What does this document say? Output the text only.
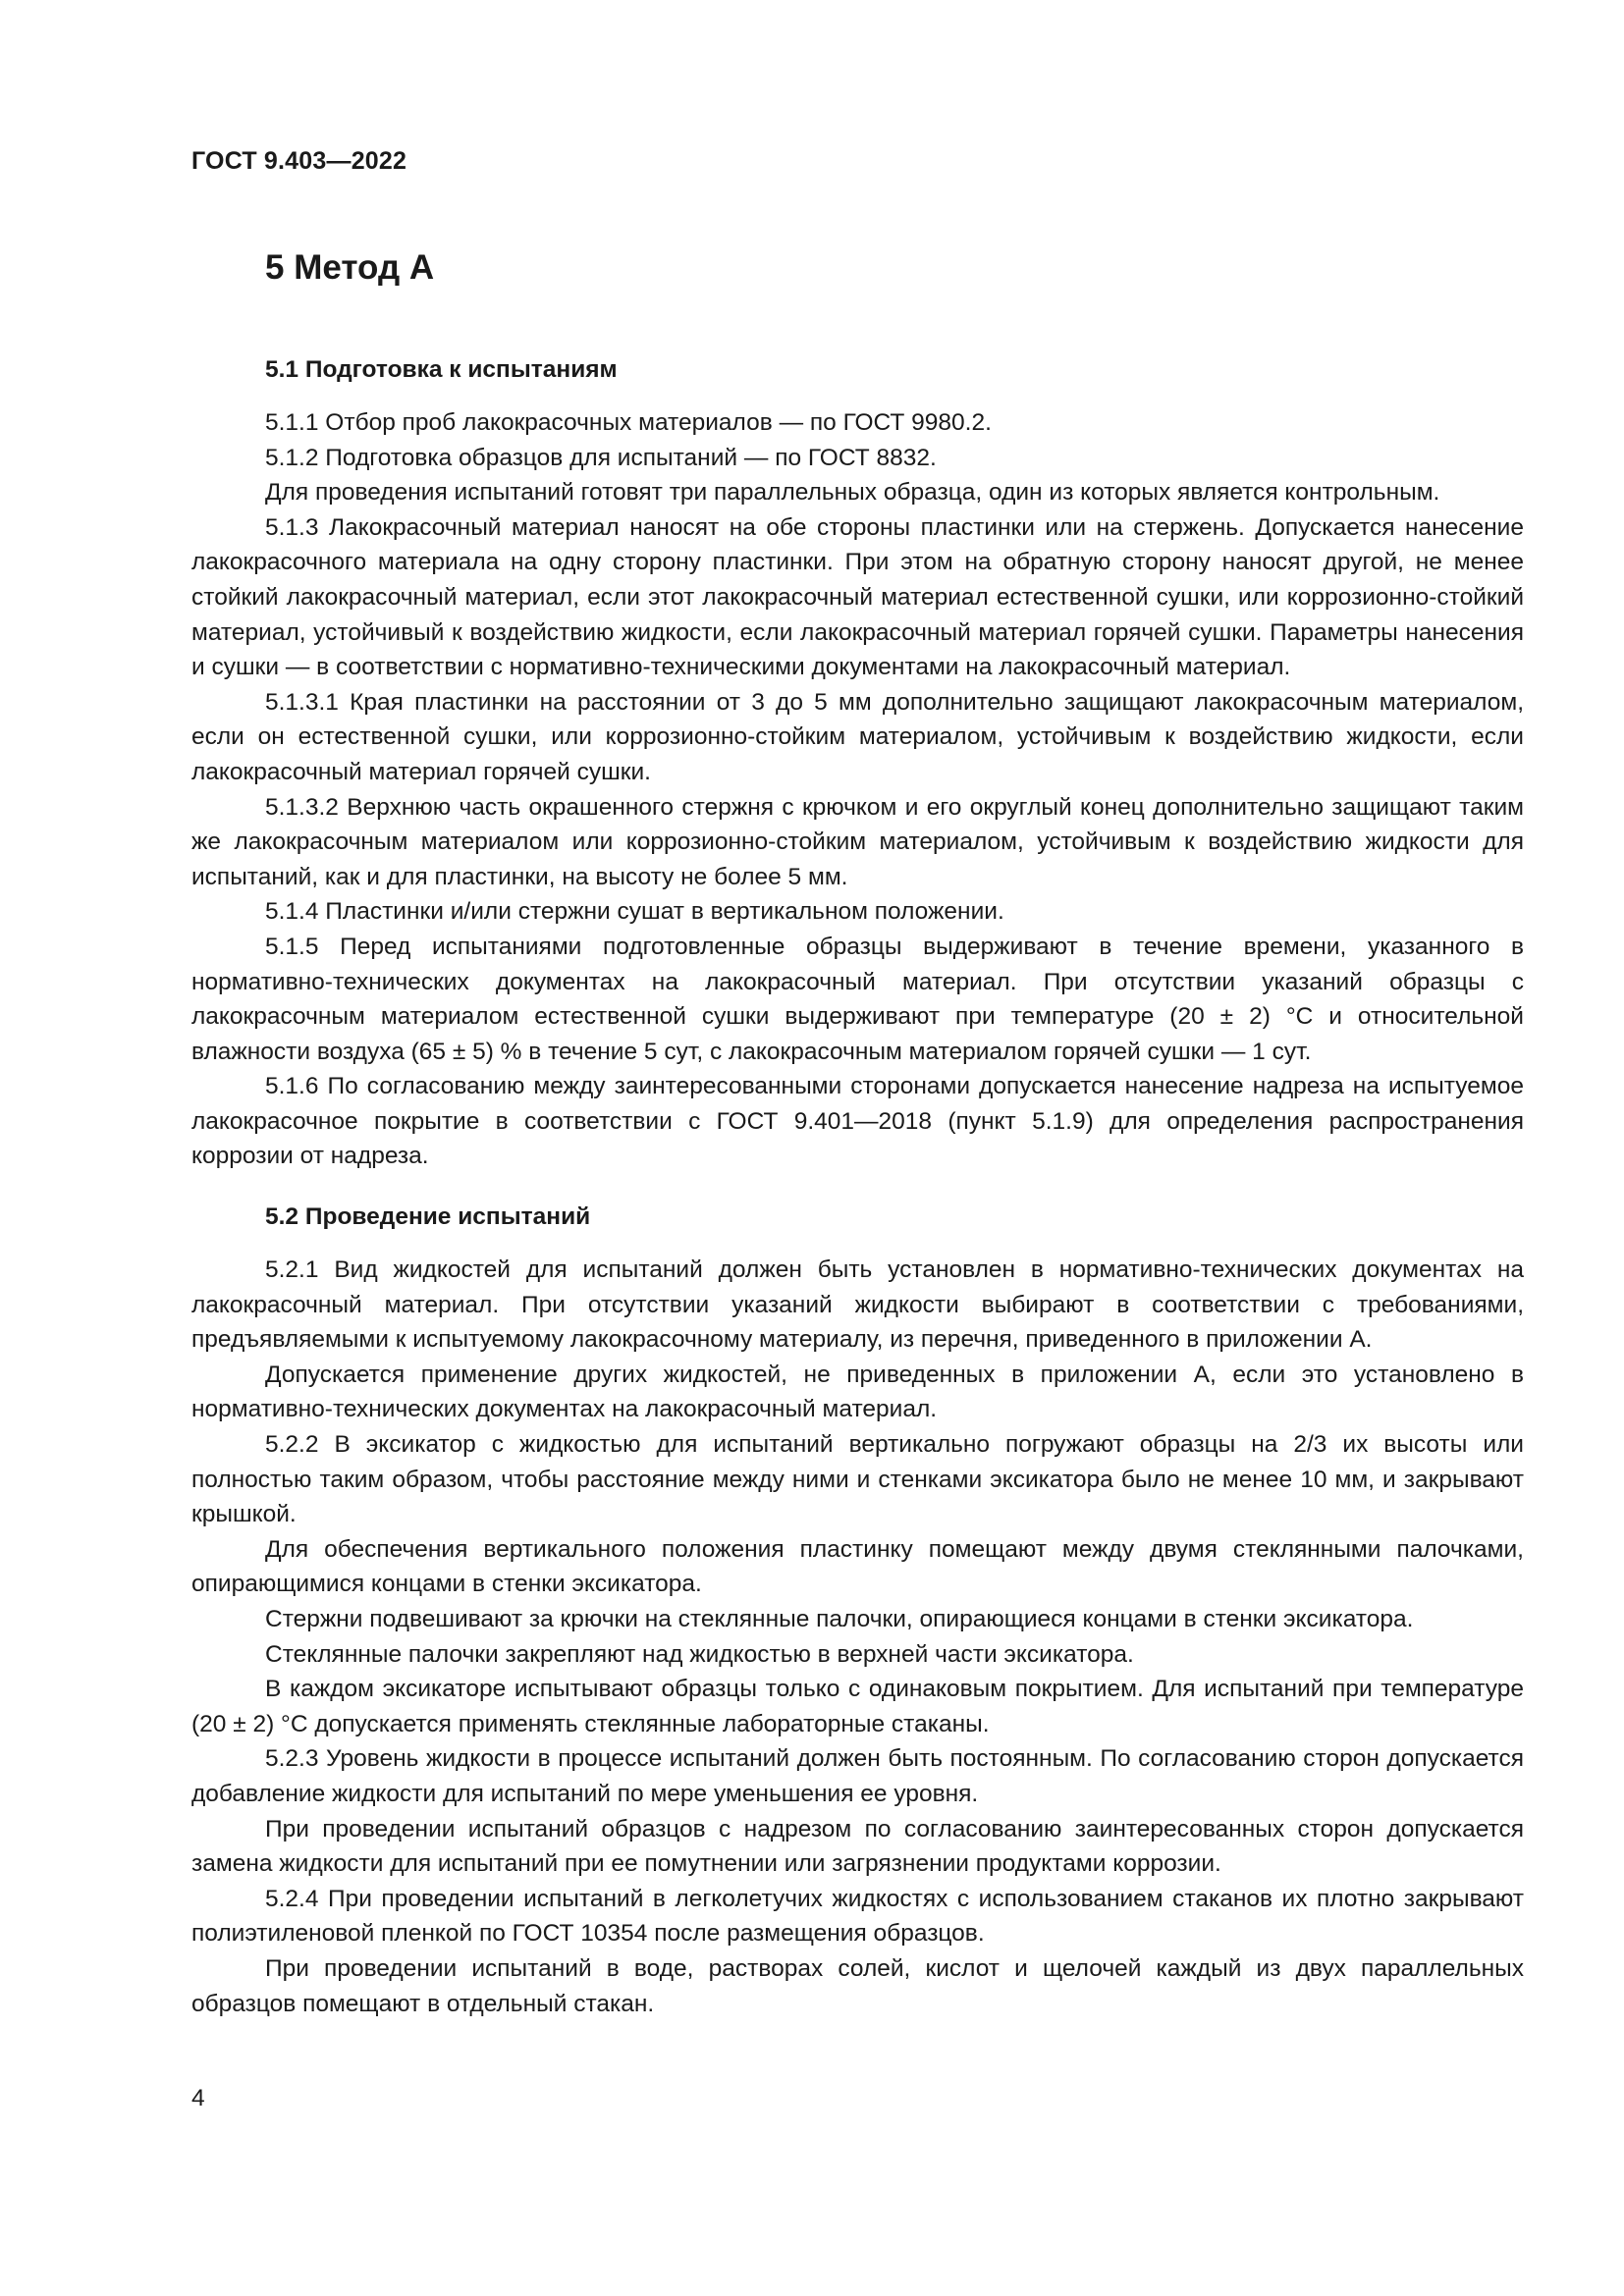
ГОСТ 9.403—2022

5 Метод А
5.1 Подготовка к испытаниям

5.1.1 Отбор проб лакокрасочных материалов — по ГОСТ 9980.2.

5.1.2 Подготовка образцов для испытаний — по ГОСТ 8832.

Для проведения испытаний готовят три параллельных образца, один из которых является контрольным.

5.1.3 Лакокрасочный материал наносят на обе стороны пластинки или на стержень. Допускается нанесение лакокрасочного материала на одну сторону пластинки. При этом на обратную сторону наносят другой, не менее стойкий лакокрасочный материал, если этот лакокрасочный материал естественной сушки, или коррозионно-стойкий материал, устойчивый к воздействию жидкости, если лакокрасочный материал горячей сушки. Параметры нанесения и сушки — в соответствии с нормативно-техническими документами на лакокрасочный материал.

5.1.3.1 Края пластинки на расстоянии от 3 до 5 мм дополнительно защищают лакокрасочным материалом, если он естественной сушки, или коррозионно-стойким материалом, устойчивым к воздействию жидкости, если лакокрасочный материал горячей сушки.

5.1.3.2 Верхнюю часть окрашенного стержня с крючком и его округлый конец дополнительно защищают таким же лакокрасочным материалом или коррозионно-стойким материалом, устойчивым к воздействию жидкости для испытаний, как и для пластинки, на высоту не более 5 мм.

5.1.4 Пластинки и/или стержни сушат в вертикальном положении.

5.1.5 Перед испытаниями подготовленные образцы выдерживают в течение времени, указанного в нормативно-технических документах на лакокрасочный материал. При отсутствии указаний образцы с лакокрасочным материалом естественной сушки выдерживают при температуре (20 ± 2) °C и относительной влажности воздуха (65 ± 5) % в течение 5 сут, с лакокрасочным материалом горячей сушки — 1 сут.

5.1.6 По согласованию между заинтересованными сторонами допускается нанесение надреза на испытуемое лакокрасочное покрытие в соответствии с ГОСТ 9.401—2018 (пункт 5.1.9) для определения распространения коррозии от надреза.

5.2 Проведение испытаний

5.2.1 Вид жидкостей для испытаний должен быть установлен в нормативно-технических документах на лакокрасочный материал. При отсутствии указаний жидкости выбирают в соответствии с требованиями, предъявляемыми к испытуемому лакокрасочному материалу, из перечня, приведенного в приложении А.

Допускается применение других жидкостей, не приведенных в приложении А, если это установлено в нормативно-технических документах на лакокрасочный материал.

5.2.2 В эксикатор с жидкостью для испытаний вертикально погружают образцы на 2/3 их высоты или полностью таким образом, чтобы расстояние между ними и стенками эксикатора было не менее 10 мм, и закрывают крышкой.

Для обеспечения вертикального положения пластинку помещают между двумя стеклянными палочками, опирающимися концами в стенки эксикатора.

Стержни подвешивают за крючки на стеклянные палочки, опирающиеся концами в стенки эксикатора.

Стеклянные палочки закрепляют над жидкостью в верхней части эксикатора.

В каждом эксикаторе испытывают образцы только с одинаковым покрытием. Для испытаний при температуре (20 ± 2) °C допускается применять стеклянные лабораторные стаканы.

5.2.3 Уровень жидкости в процессе испытаний должен быть постоянным. По согласованию сторон допускается добавление жидкости для испытаний по мере уменьшения ее уровня.

При проведении испытаний образцов с надрезом по согласованию заинтересованных сторон допускается замена жидкости для испытаний при ее помутнении или загрязнении продуктами коррозии.

5.2.4 При проведении испытаний в легколетучих жидкостях с использованием стаканов их плотно закрывают полиэтиленовой пленкой по ГОСТ 10354 после размещения образцов.

При проведении испытаний в воде, растворах солей, кислот и щелочей каждый из двух параллельных образцов помещают в отдельный стакан.

4
